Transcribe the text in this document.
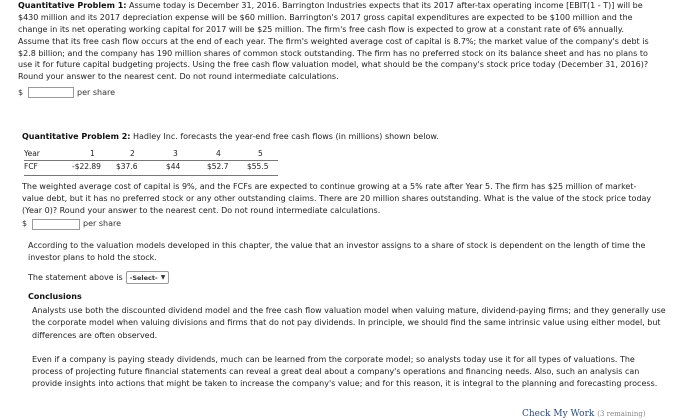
Quantitative Problem 1: Assume today is December 31, 2016. Barrington Industries expects that its 2017 after-tax operating income [EBIT(1 - T)] will be
$430 million and its 2017 depreciation expense will be $60 million. Barrington's 2017 gross capital expenditures are expected to be $100 million and the
change in its net operating working capital for 2017 will be $25 million. The firm's free cash flow is expected to grow at a constant rate of 6% annually.
Assume that its free cash flow occurs at the end of each year. The firm's weighted average cost of capital is 8.7%; the market value of the company's debt is
$2.8 billion; and the company has 190 million shares of common stock outstanding. The firm has no preferred stock on its balance sheet and has no plans to
use it for future capital budgeting projects. Using the free cash flow valuation model, what should be the company's stock price today (December 31, 2016)?
Round your answer to the nearest cent. Do not round intermediate calculations.
$	per share
Quantitative Problem 2: Hadley Inc. forecasts the year-end free cash flows (in millions) shown below.
Year	1	2	3	4	5
FCF	-$22.89 $37.6	$44	$52.7 $55.5
The weighted average cost of capital is 9%, and the FCFs are expected to continue growing at a 5% rate after Year 5. The firm has $25 million of market-
value debt, but it has no preferred stock or any other outstanding claims. There are 20 million shares outstanding. What is the value of the stock price today
(Year 0)? Round your answer to the nearest cent. Do not round intermediate calculations.
$	per share
According to the valuation models developed in this chapter, the value that an investor assigns to a share of stock is dependent on the length of time the
investor plans to hold the stock.
The statement above is -Select- ▼
Conclusions
Analysts use both the discounted dividend model and the free cash flow valuation model when valuing mature, dividend-paying firms; and they generally use
the corporate model when valuing divisions and firms that do not pay dividends. In principle, we should find the same intrinsic value using either model, but
differences are often observed.
Even if a company is paying steady dividends, much can be learned from the corporate model; so analysts today use it for all types of valuations. The
process of projecting future financial statements can reveal a great deal about a company's operations and financing needs. Also, such an analysis can
provide insights into actions that might be taken to increase the company's value; and for this reason, it is integral to the planning and forecasting process.
Check My Work (3 remaining)
